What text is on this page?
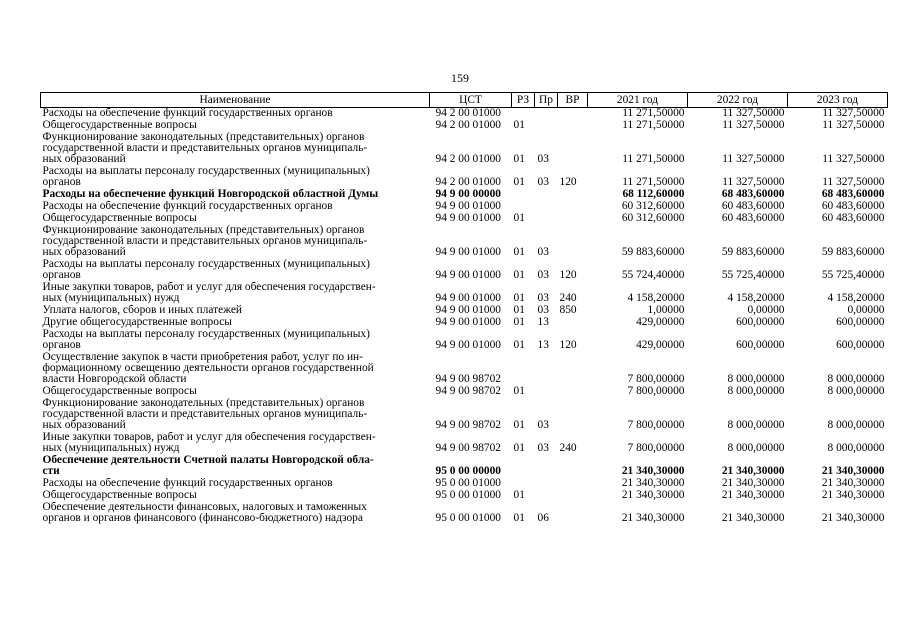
159
Наименование	ЦСТ	РЗ	Пр	ВР	2021 год	2022 год	2023 год

Расходы на обеспечение функций государственных органов	94 2 00 01000				11 271,50000	11 327,50000	11 327,50000

Общегосударственные вопросы	94 2 00 01000	01			11 271,50000	11 327,50000	11 327,50000

Функционирование законодательных (представительных) органов
государственной власти и представительных органов муниципаль-
ных образований	94 2 00 01000	01	03		11 271,50000	11 327,50000	11 327,50000

Расходы на выплаты персоналу государственных (муниципальных)
органов	94 2 00 01000	01	03	120	11 271,50000	11 327,50000	11 327,50000

Расходы на обеспечение функций Новгородской областной Думы	94 9 00 00000				68 112,60000	68 483,60000	68 483,60000

Расходы на обеспечение функций государственных органов	94 9 00 01000				60 312,60000	60 483,60000	60 483,60000

Общегосударственные вопросы	94 9 00 01000	01			60 312,60000	60 483,60000	60 483,60000

Функционирование законодательных (представительных) органов
государственной власти и представительных органов муниципаль-
ных образований	94 9 00 01000	01	03		59 883,60000	59 883,60000	59 883,60000

Расходы на выплаты персоналу государственных (муниципальных)
органов	94 9 00 01000	01	03	120	55 724,40000	55 725,40000	55 725,40000

Иные закупки товаров, работ и услуг для обеспечения государствен-
ных (муниципальных) нужд	94 9 00 01000	01	03	240	4 158,20000	4 158,20000	4 158,20000

Уплата налогов, сборов и иных платежей	94 9 00 01000	01	03	850	1,00000	0,00000	0,00000

Другие общегосударственные вопросы	94 9 00 01000	01	13		429,00000	600,00000	600,00000

Расходы на выплаты персоналу государственных (муниципальных)
органов	94 9 00 01000	01	13	120	429,00000	600,00000	600,00000

Осуществление закупок в части приобретения работ, услуг по ин-
формационному освещению деятельности органов государственной
власти Новгородской области	94 9 00 98702				7 800,00000	8 000,00000	8 000,00000

Общегосударственные вопросы	94 9 00 98702	01			7 800,00000	8 000,00000	8 000,00000

Функционирование законодательных (представительных) органов
государственной власти и представительных органов муниципаль-
ных образований	94 9 00 98702	01	03		7 800,00000	8 000,00000	8 000,00000

Иные закупки товаров, работ и услуг для обеспечения государствен-
ных (муниципальных) нужд	94 9 00 98702	01	03	240	7 800,00000	8 000,00000	8 000,00000

Обеспечение деятельности Счетной палаты Новгородской обла-
сти	95 0 00 00000				21 340,30000	21 340,30000	21 340,30000

Расходы на обеспечение функций государственных органов	95 0 00 01000				21 340,30000	21 340,30000	21 340,30000

Общегосударственные вопросы	95 0 00 01000	01			21 340,30000	21 340,30000	21 340,30000

Обеспечение деятельности финансовых, налоговых и таможенных
органов и органов финансового (финансово-бюджетного) надзора	95 0 00 01000	01	06		21 340,30000	21 340,30000	21 340,30000
